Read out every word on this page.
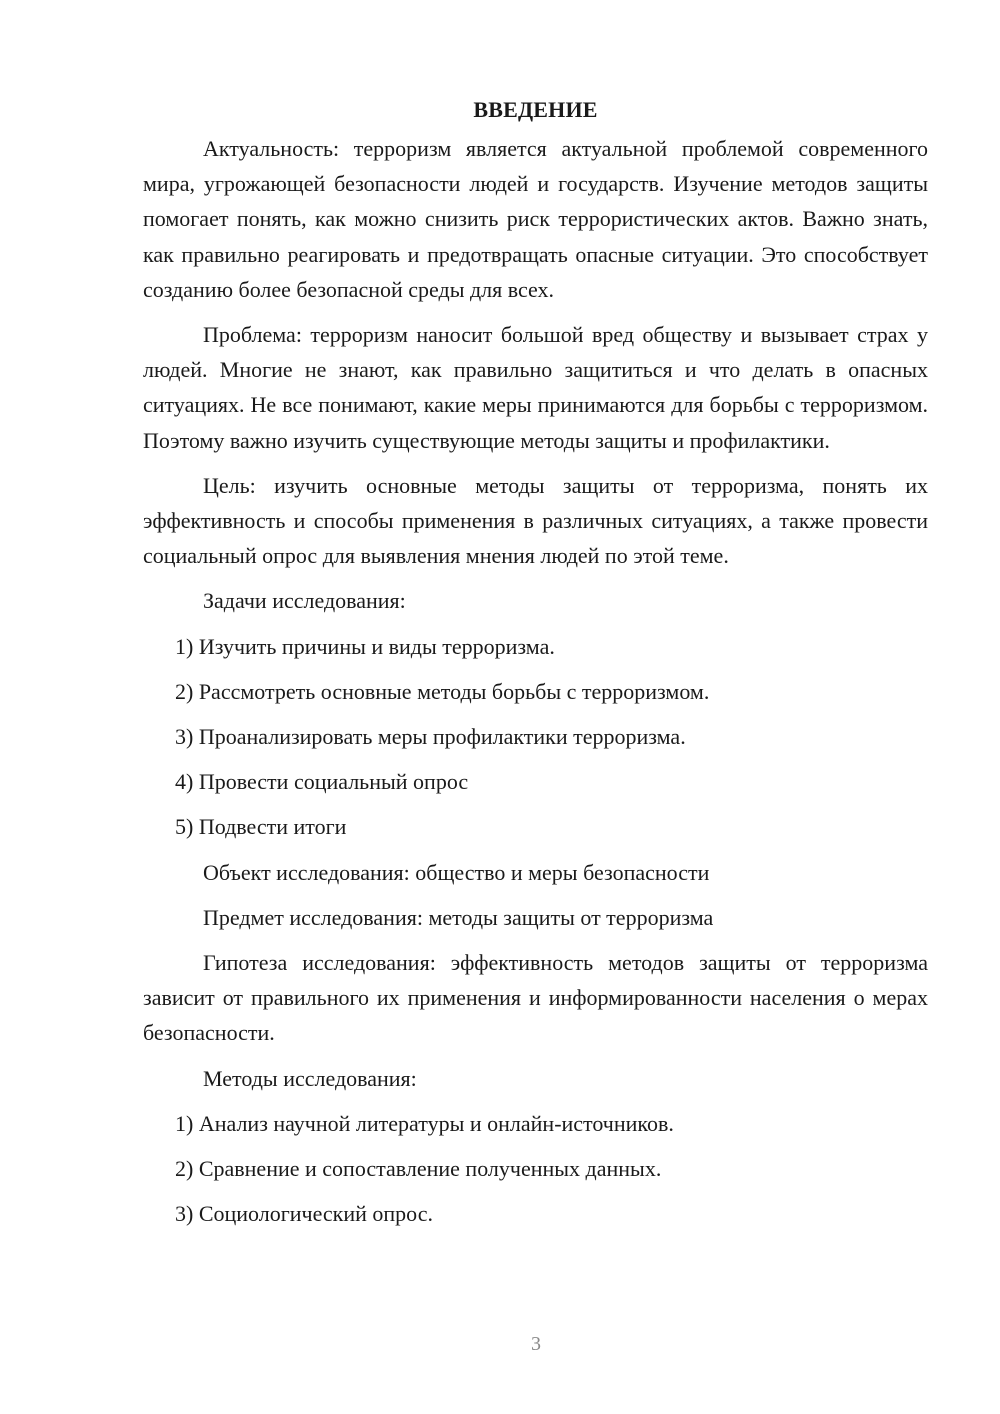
ВВЕДЕНИЕ

Актуальность: терроризм является актуальной проблемой современного мира, угрожающей безопасности людей и государств. Изучение методов защиты помогает понять, как можно снизить риск террористических актов. Важно знать, как правильно реагировать и предотвращать опасные ситуации. Это способствует созданию более безопасной среды для всех.

Проблема: терроризм наносит большой вред обществу и вызывает страх у людей. Многие не знают, как правильно защититься и что делать в опасных ситуациях. Не все понимают, какие меры принимаются для борьбы с терроризмом. Поэтому важно изучить существующие методы защиты и профилактики.

Цель: изучить основные методы защиты от терроризма, понять их эффективность и способы применения в различных ситуациях, а также провести социальный опрос для выявления мнения людей по этой теме.

Задачи исследования:
1) Изучить причины и виды терроризма.
2) Рассмотреть основные методы борьбы с терроризмом.
3) Проанализировать меры профилактики терроризма.
4) Провести социальный опрос
5) Подвести итоги
Объект исследования: общество и меры безопасности
Предмет исследования: методы защиты от терроризма

Гипотеза исследования: эффективность методов защиты от терроризма зависит от правильного их применения и информированности населения о мерах безопасности.

Методы исследования:
1) Анализ научной литературы и онлайн-источников.
2) Сравнение и сопоставление полученных данных.
3) Социологический опрос.
3
